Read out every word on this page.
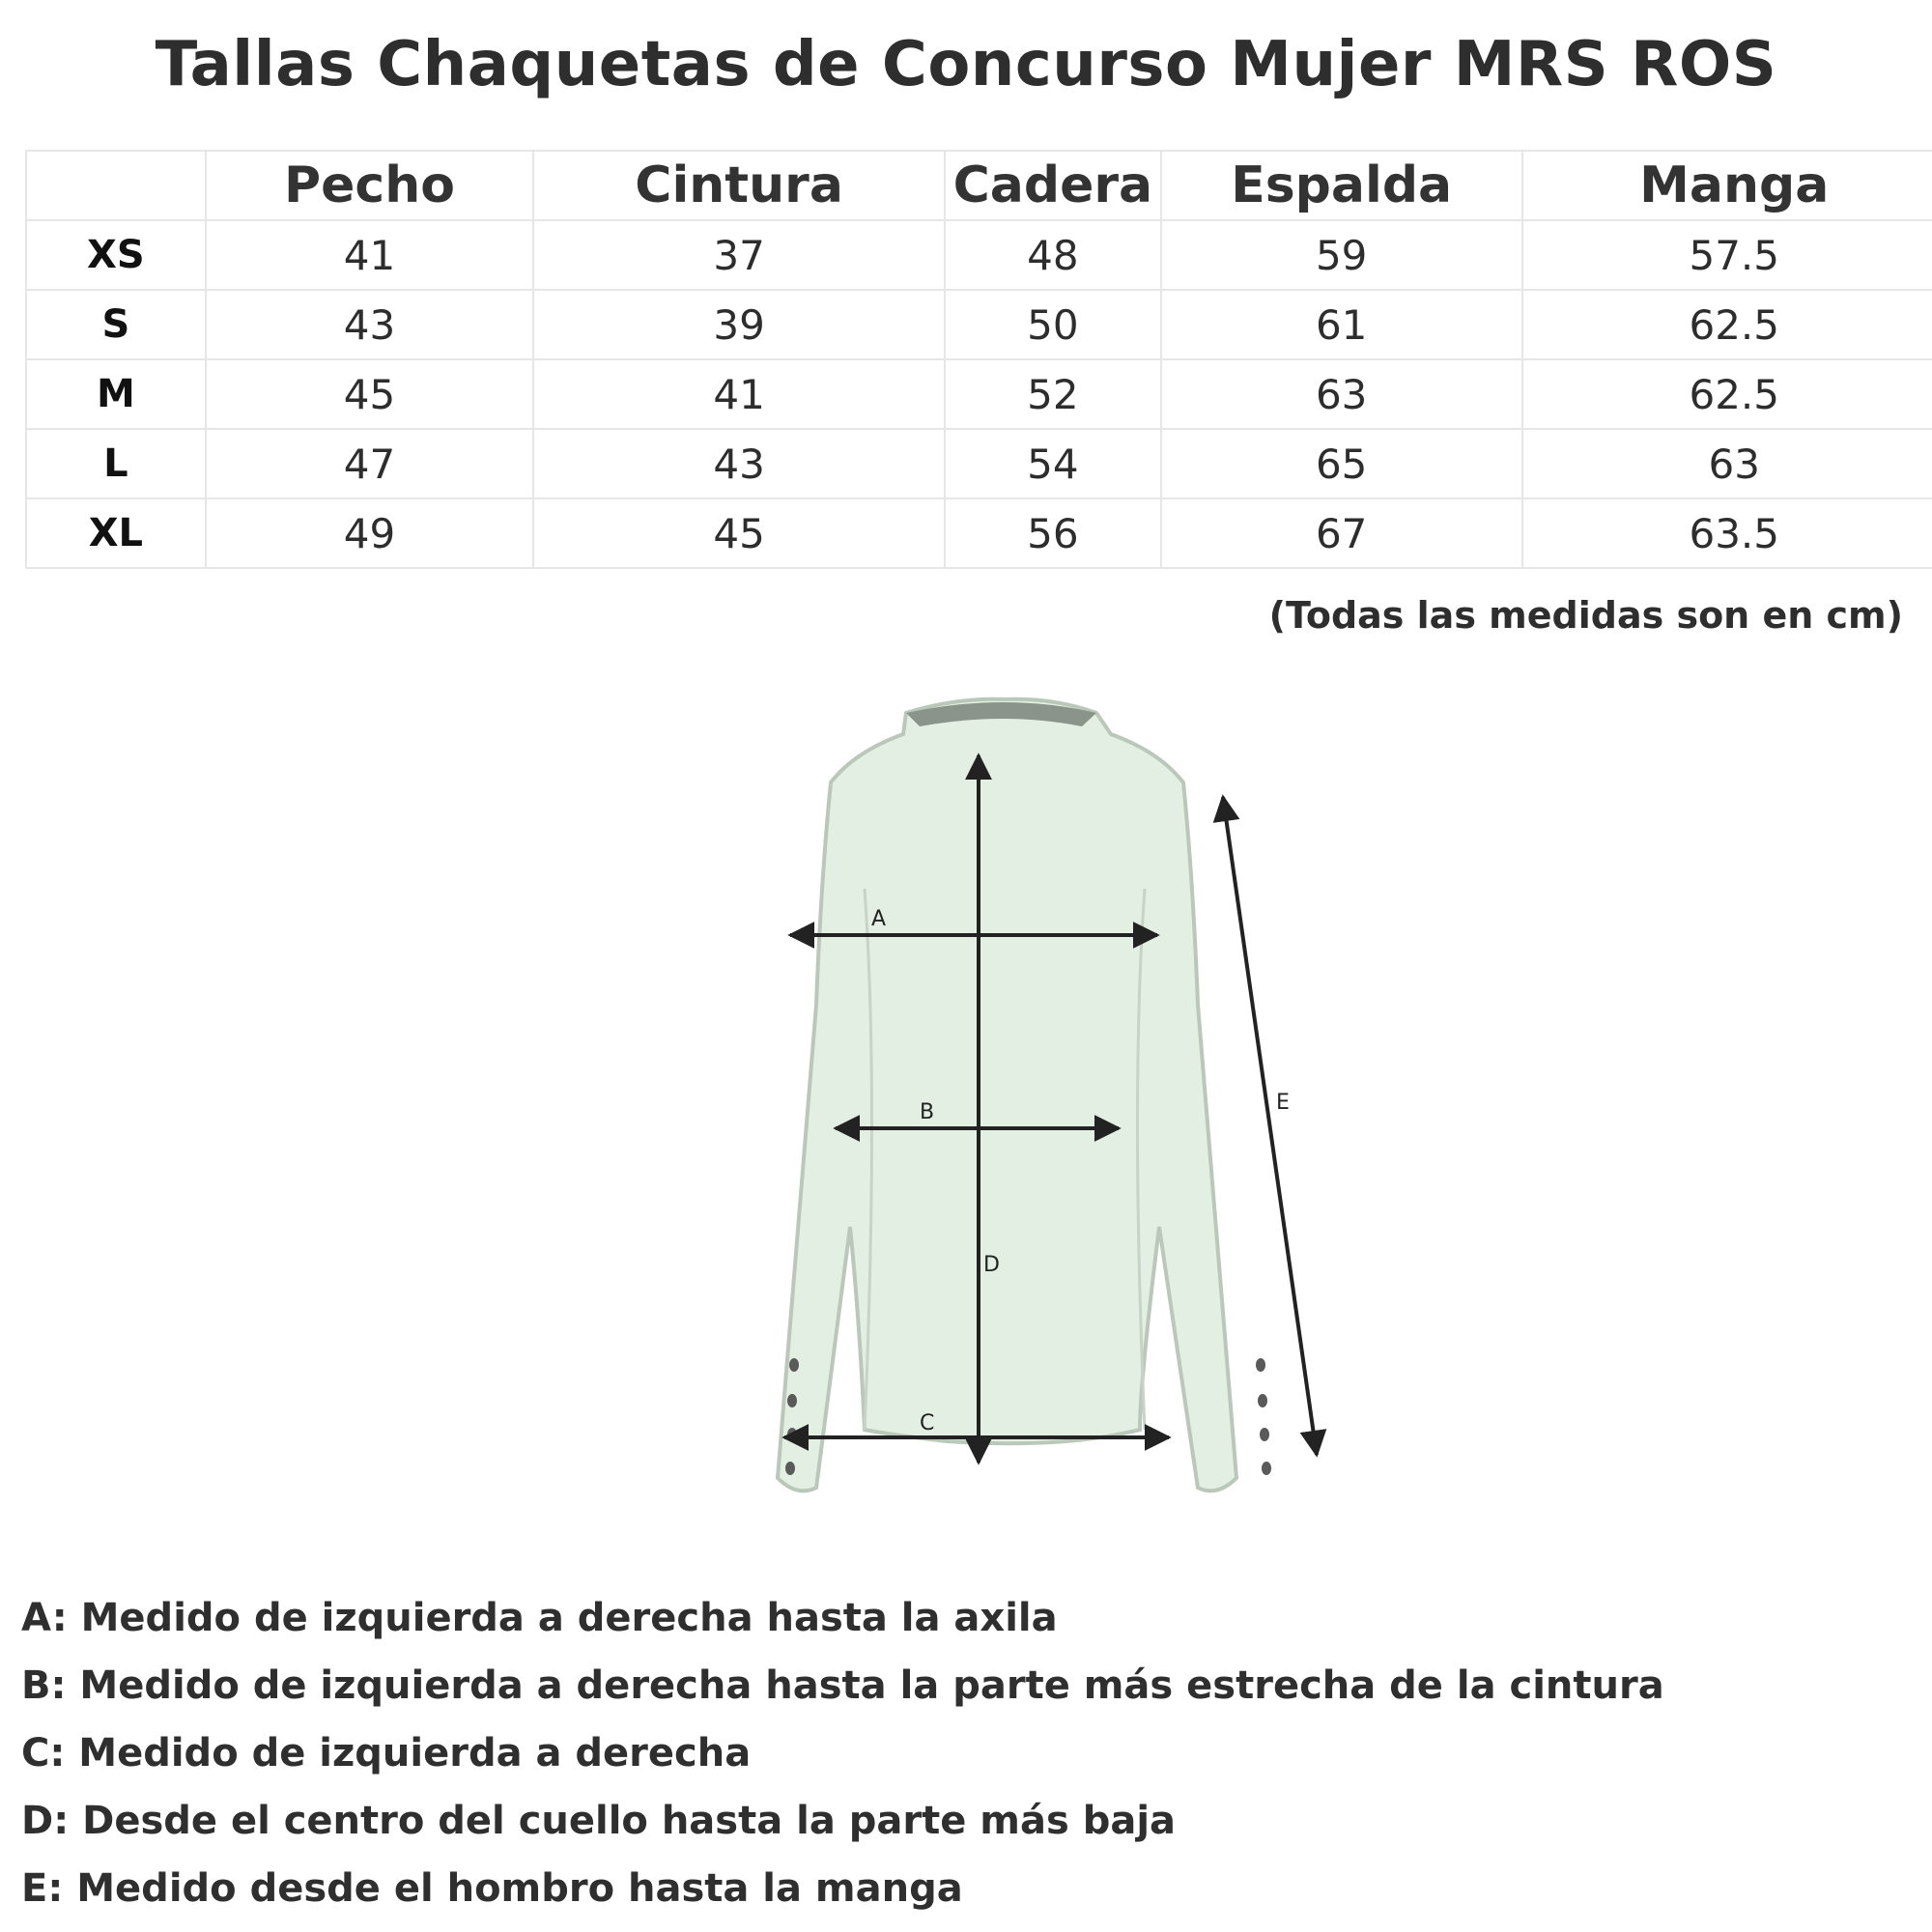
Tallas Chaquetas de Concurso Mujer MRS ROS
	Pecho	Cintura	Cadera	Espalda	Manga
XS	41	37	48	59	57.5
S	43	39	50	61	62.5
M	45	41	52	63	62.5
L	47	43	54	65	63
XL	49	45	56	67	63.5
(Todas las medidas son en cm)
A
B
C
D
E
A: Medido de izquierda a derecha hasta la axila
B: Medido de izquierda a derecha hasta la parte más estrecha de la cintura
C: Medido de izquierda a derecha
D: Desde el centro del cuello hasta la parte más baja
E: Medido desde el hombro hasta la manga
